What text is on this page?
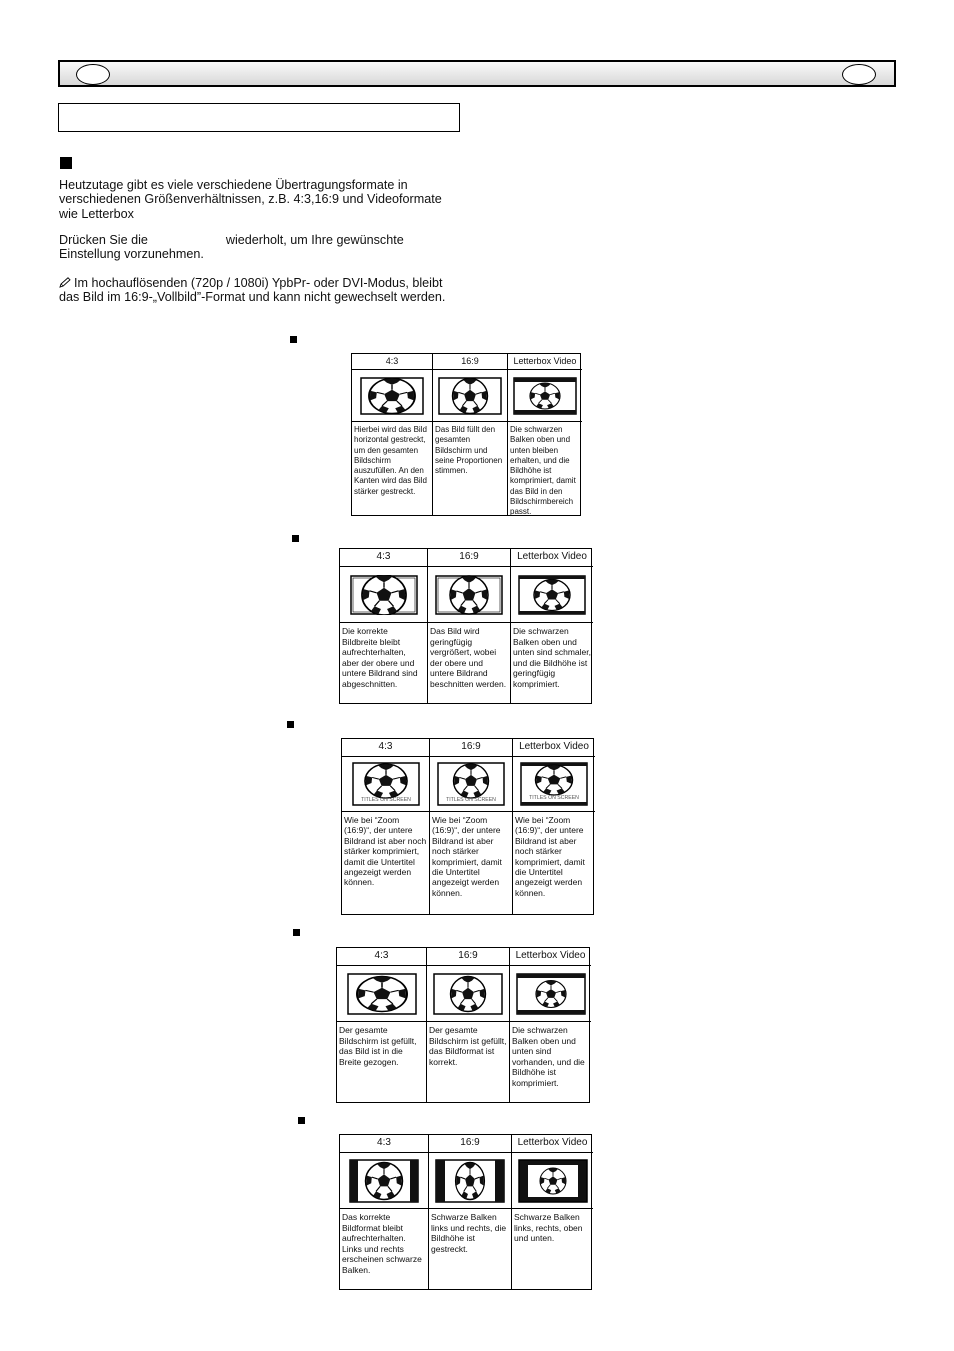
Heutzutage gibt es viele verschiedene Übertragungsformate in
verschiedenen Größenverhältnissen, z.B. 4:3,16:9 und Videoformate
wie Letterbox
Drücken Sie die	wiederholt, um Ihre gewünschte
Einstellung vorzunehmen.
Im hochauflösenden (720p / 1080i) YpbPr- oder DVI-Modus, bleibt
das Bild im 16:9-„Vollbild”-Format und kann nicht gewechselt werden.
4:3
Hierbei wird das Bild horizontal gestreckt, um den gesamten Bildschirm auszufüllen. An den Kanten wird das Bild stärker gestreckt.
16:9
Das Bild füllt den gesamten Bildschirm und seine Proportionen stimmen.
Letterbox Video
Die schwarzen Balken oben und unten bleiben erhalten, und die Bildhöhe ist komprimiert, damit das Bild in den Bildschirmbereich passt.
4:3
Die korrekte Bildbreite bleibt aufrechterhalten, aber der obere und untere Bildrand sind abgeschnitten.
16:9
Das Bild wird geringfügig vergrößert, wobei der obere und untere Bildrand beschnitten werden.
Letterbox Video
Die schwarzen Balken oben und unten sind schmaler, und die Bildhöhe ist geringfügig komprimiert.
4:3
TITLES ON SCREEN
Wie bei “Zoom (16:9)“, der untere Bildrand ist aber noch stärker komprimiert, damit die Untertitel angezeigt werden können.
16:9
TITLES ON SCREEN
Wie bei “Zoom (16:9)“, der untere Bildrand ist aber noch stärker komprimiert, damit die Untertitel angezeigt werden können.
Letterbox Video
TITLES ON SCREEN
Wie bei “Zoom (16:9)“, der untere Bildrand ist aber noch stärker komprimiert, damit die Untertitel angezeigt werden können.
4:3
Der gesamte Bildschirm ist gefüllt, das Bild ist in die Breite gezogen.
16:9
Der gesamte Bildschirm ist gefüllt, das Bildformat ist korrekt.
Letterbox Video
Die schwarzen Balken oben und unten sind vorhanden, und die Bildhöhe ist komprimiert.
4:3
Das korrekte Bildformat bleibt aufrechterhalten. Links und rechts erscheinen schwarze Balken.
16:9
Schwarze Balken links und rechts, die Bildhöhe ist gestreckt.
Letterbox Video
Schwarze Balken links, rechts, oben und unten.
